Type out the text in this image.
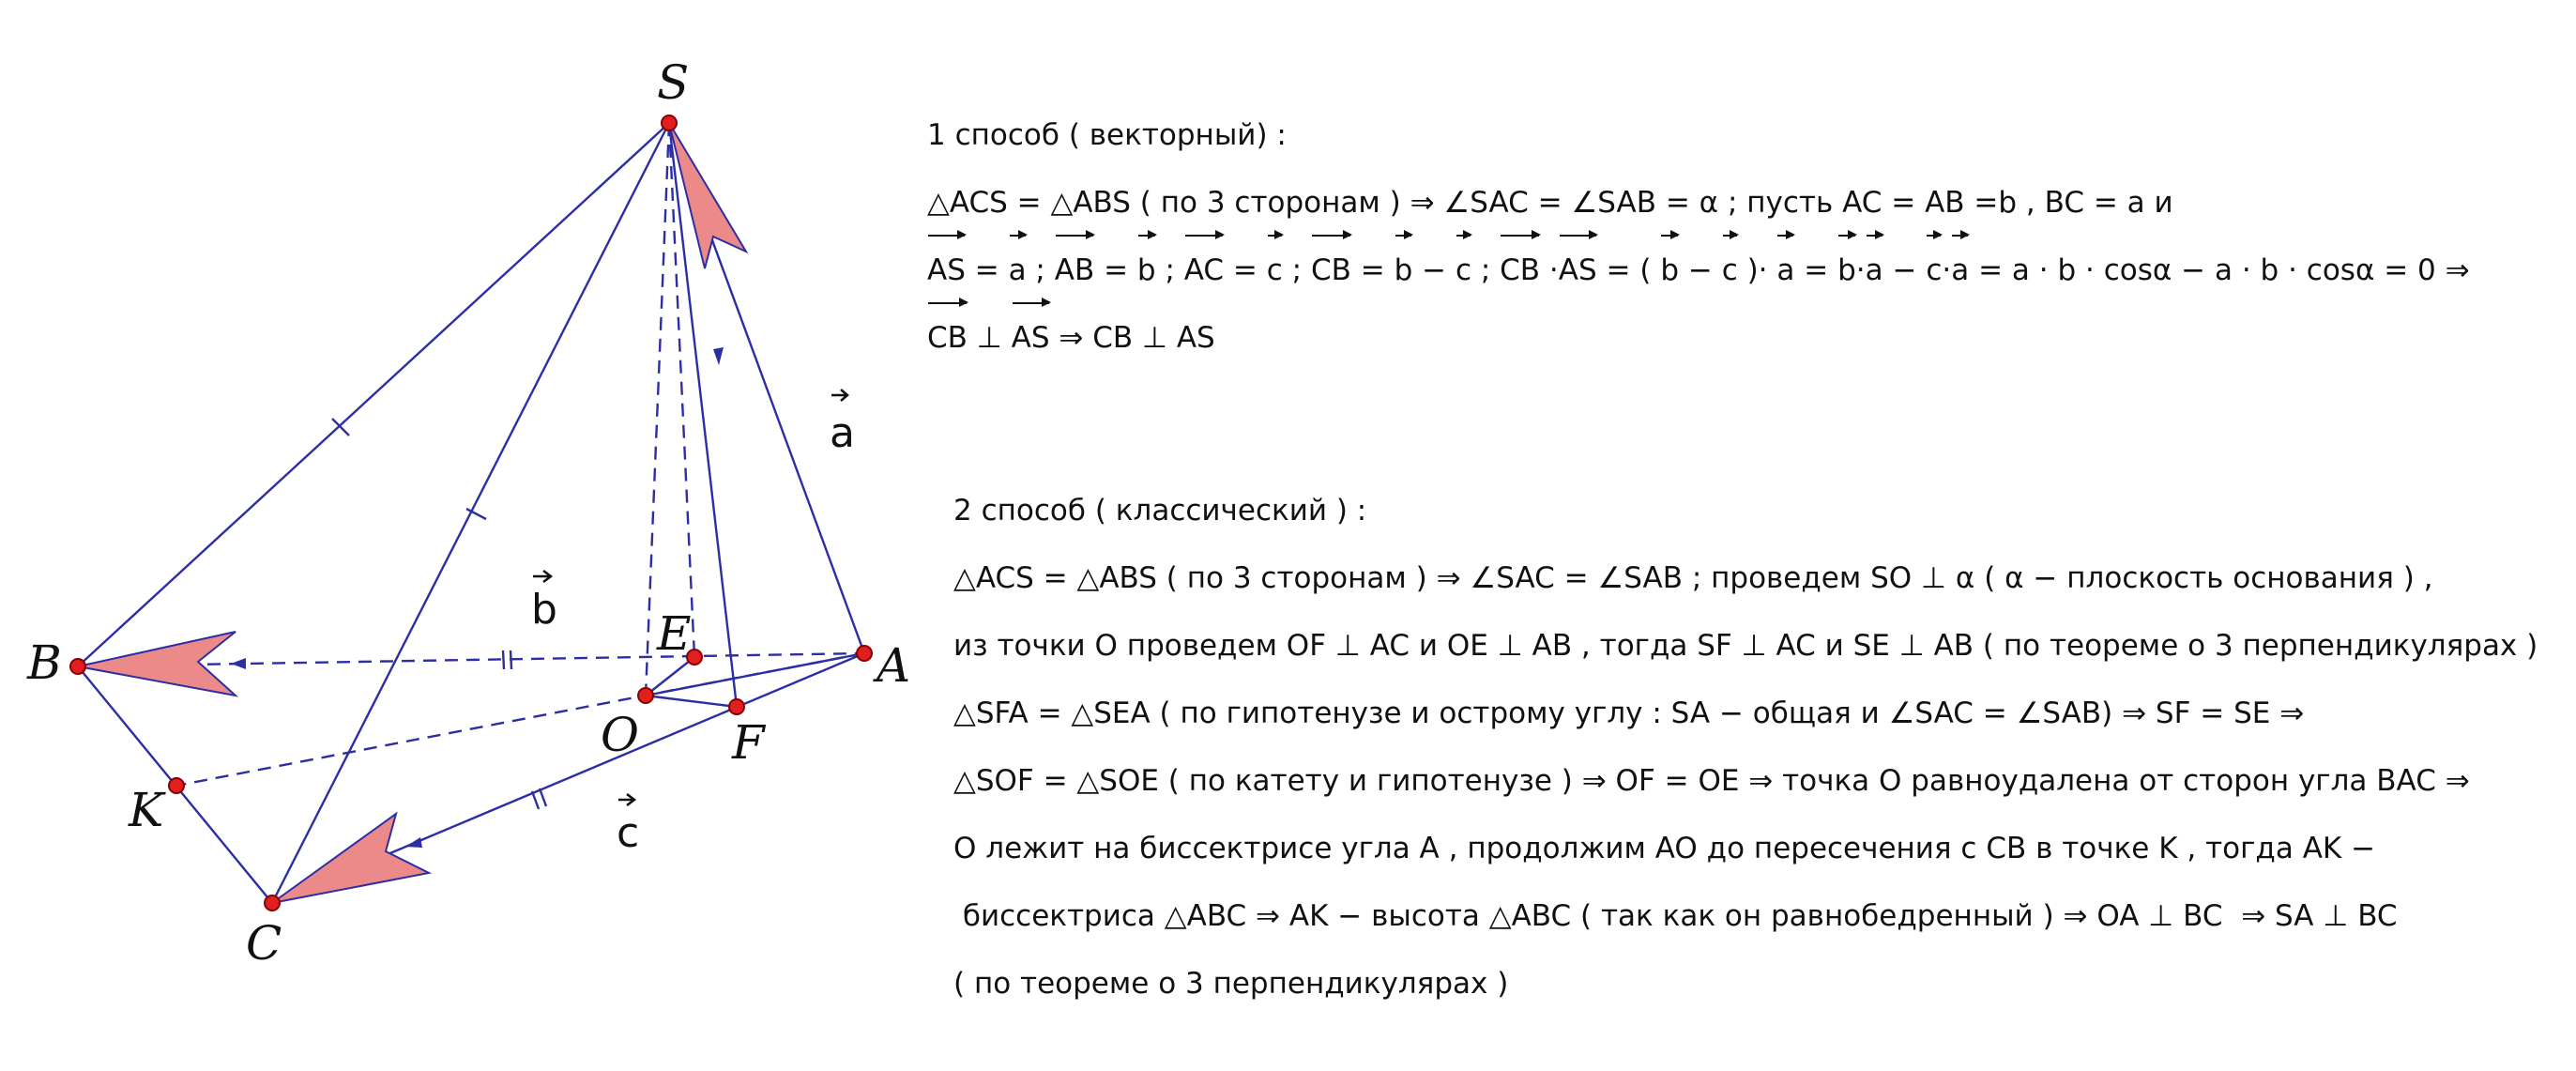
S
A
B
C
E
F
O
K
a
b
c
1 способ ( векторный) :
△ACS = △ABS ( по 3 сторонам ) ⇒ ∠SAC = ∠SAB = α ; пусть AC = AB =b , BC = a и
AS = a ; AB = b ; AC = c ; CB = b − c ; CB ·AS = ( b − c )· a = b·a − c·a = a · b · cosα − a · b · cosα = 0 ⇒
CB ⊥ AS ⇒ CB ⊥ AS
2 способ ( классический ) :
△ACS = △ABS ( по 3 сторонам ) ⇒ ∠SAC = ∠SAB ; проведем SO ⊥ α ( α − плоскость основания ) ,
из точки O проведем OF ⊥ AC и OE ⊥ AB , тогда SF ⊥ AC и SE ⊥ AB ( по теореме о 3 перпендикулярах )
△SFA = △SEA ( по гипотенузе и острому углу : SA − общая и ∠SAC = ∠SAB) ⇒ SF = SE ⇒
△SOF = △SOE ( по катету и гипотенузе ) ⇒ OF = OE ⇒ точка O равноудалена от сторон угла BAC ⇒
O лежит на биссектрисе угла A , продолжим AO до пересечения с CB в точке K , тогда AK −
биссектриса △ABC ⇒ AK − высота △ABC ( так как он равнобедренный ) ⇒ OA ⊥ BC  ⇒ SA ⊥ BC
( по теореме о 3 перпендикулярах )
